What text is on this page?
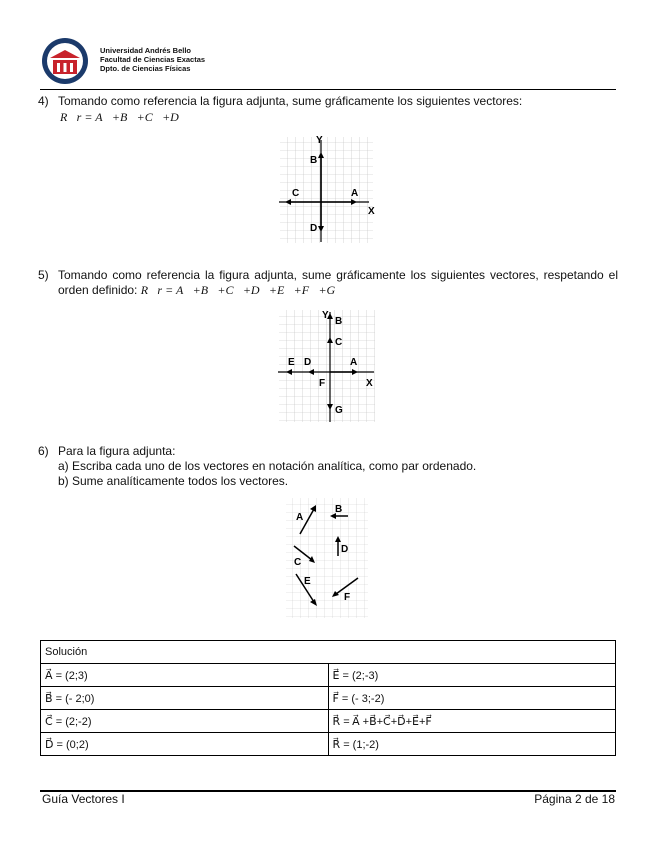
Universidad Andrés Bello
Facultad de Ciencias Exactas
Dpto. de Ciencias Físicas
4) Tomando como referencia la figura adjunta, sume gráficamente los siguientes vectores:
R⃗r = A⃗+B⃗+C⃗+D⃗
Y
X
A
B
C
D
5) Tomando como referencia la figura adjunta, sume gráficamente los siguientes vectores, respetando el orden definido: R⃗r = A⃗+B⃗+C⃗+D⃗+E⃗+F⃗+G⃗
Y
B
C
E D	A
F	X
G
6) Para la figura adjunta:
a) Escriba cada uno de los vectores en notación analítica, como par ordenado.
b) Sume analíticamente todos los vectores.
A
B
C
D
E
F
Solución	
A⃗ = (2;3)	E⃗ = (2;-3)
B⃗ = (- 2;0)	F⃗ = (- 3;-2)
C⃗ = (2;-2)	R⃗ = A⃗ +B⃗+C⃗+D⃗+E⃗+F⃗
D⃗ = (0;2)	R⃗ = (1;-2)
Guía Vectores I	Página 2 de 18
